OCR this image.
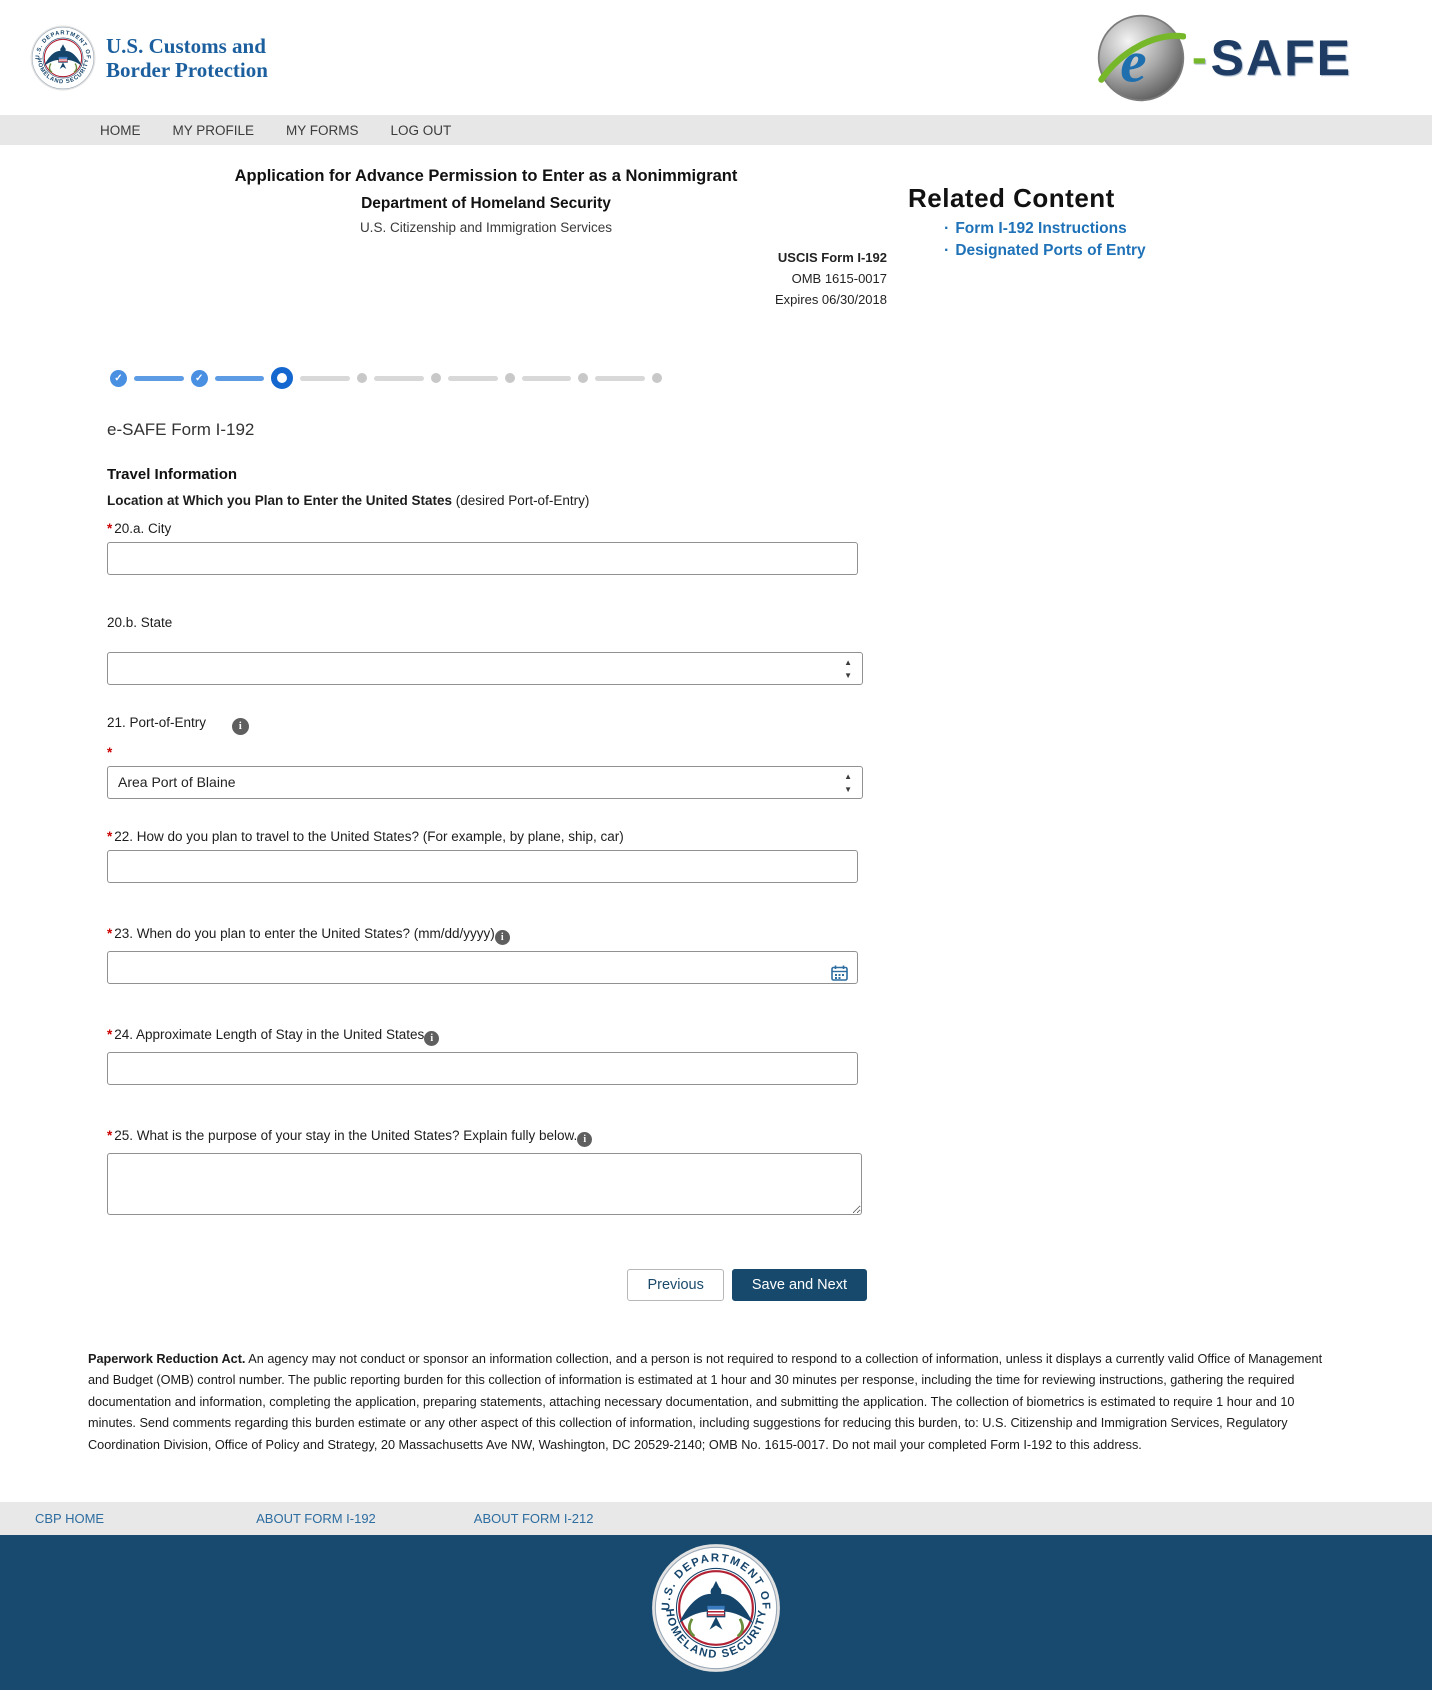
U.S. Customs and
Border Protection	e - SAFE
HOME MY PROFILE MY FORMS LOG OUT
Application for Advance Permission to Enter as a Nonimmigrant
Department of Homeland Security
U.S. Citizenship and Immigration Services
USCIS Form I-192
OMB 1615-0017
Expires 06/30/2018
Related Content
· Form I-192 Instructions
· Designated Ports of Entry
✓	✓
e-SAFE Form I-192
Travel Information
Location at Which you Plan to Enter the United States (desired Port-of-Entry)
* 20.a. City
20.b. State
▲
▼
21. Port-of-Entry	i
*
Area Port of Blaine	▲
▼
* 22. How do you plan to travel to the United States? (For example, by plane, ship, car)
* 23. When do you plan to enter the United States? (mm/dd/yyyy) i
* 24. Approximate Length of Stay in the United States i
* 25. What is the purpose of your stay in the United States? Explain fully below. i
Previous	Save and Next

Paperwork Reduction Act. An agency may not conduct or sponsor an information collection, and a person is not required to respond to a collection of information, unless it displays a currently valid Office of Management and Budget (OMB) control number. The public reporting burden for this collection of information is estimated at 1 hour and 30 minutes per response, including the time for reviewing instructions, gathering the required documentation and information, completing the application, preparing statements, attaching necessary documentation, and submitting the application. The collection of biometrics is estimated to require 1 hour and 10 minutes. Send comments regarding this burden estimate or any other aspect of this collection of information, including suggestions for reducing this burden, to: U.S. Citizenship and Immigration Services, Regulatory Coordination Division, Office of Policy and Strategy, 20 Massachusetts Ave NW, Washington, DC 20529-2140; OMB No. 1615-0017. Do not mail your completed Form I-192 to this address.

CBP HOME	ABOUT FORM I-192	ABOUT FORM I-212
